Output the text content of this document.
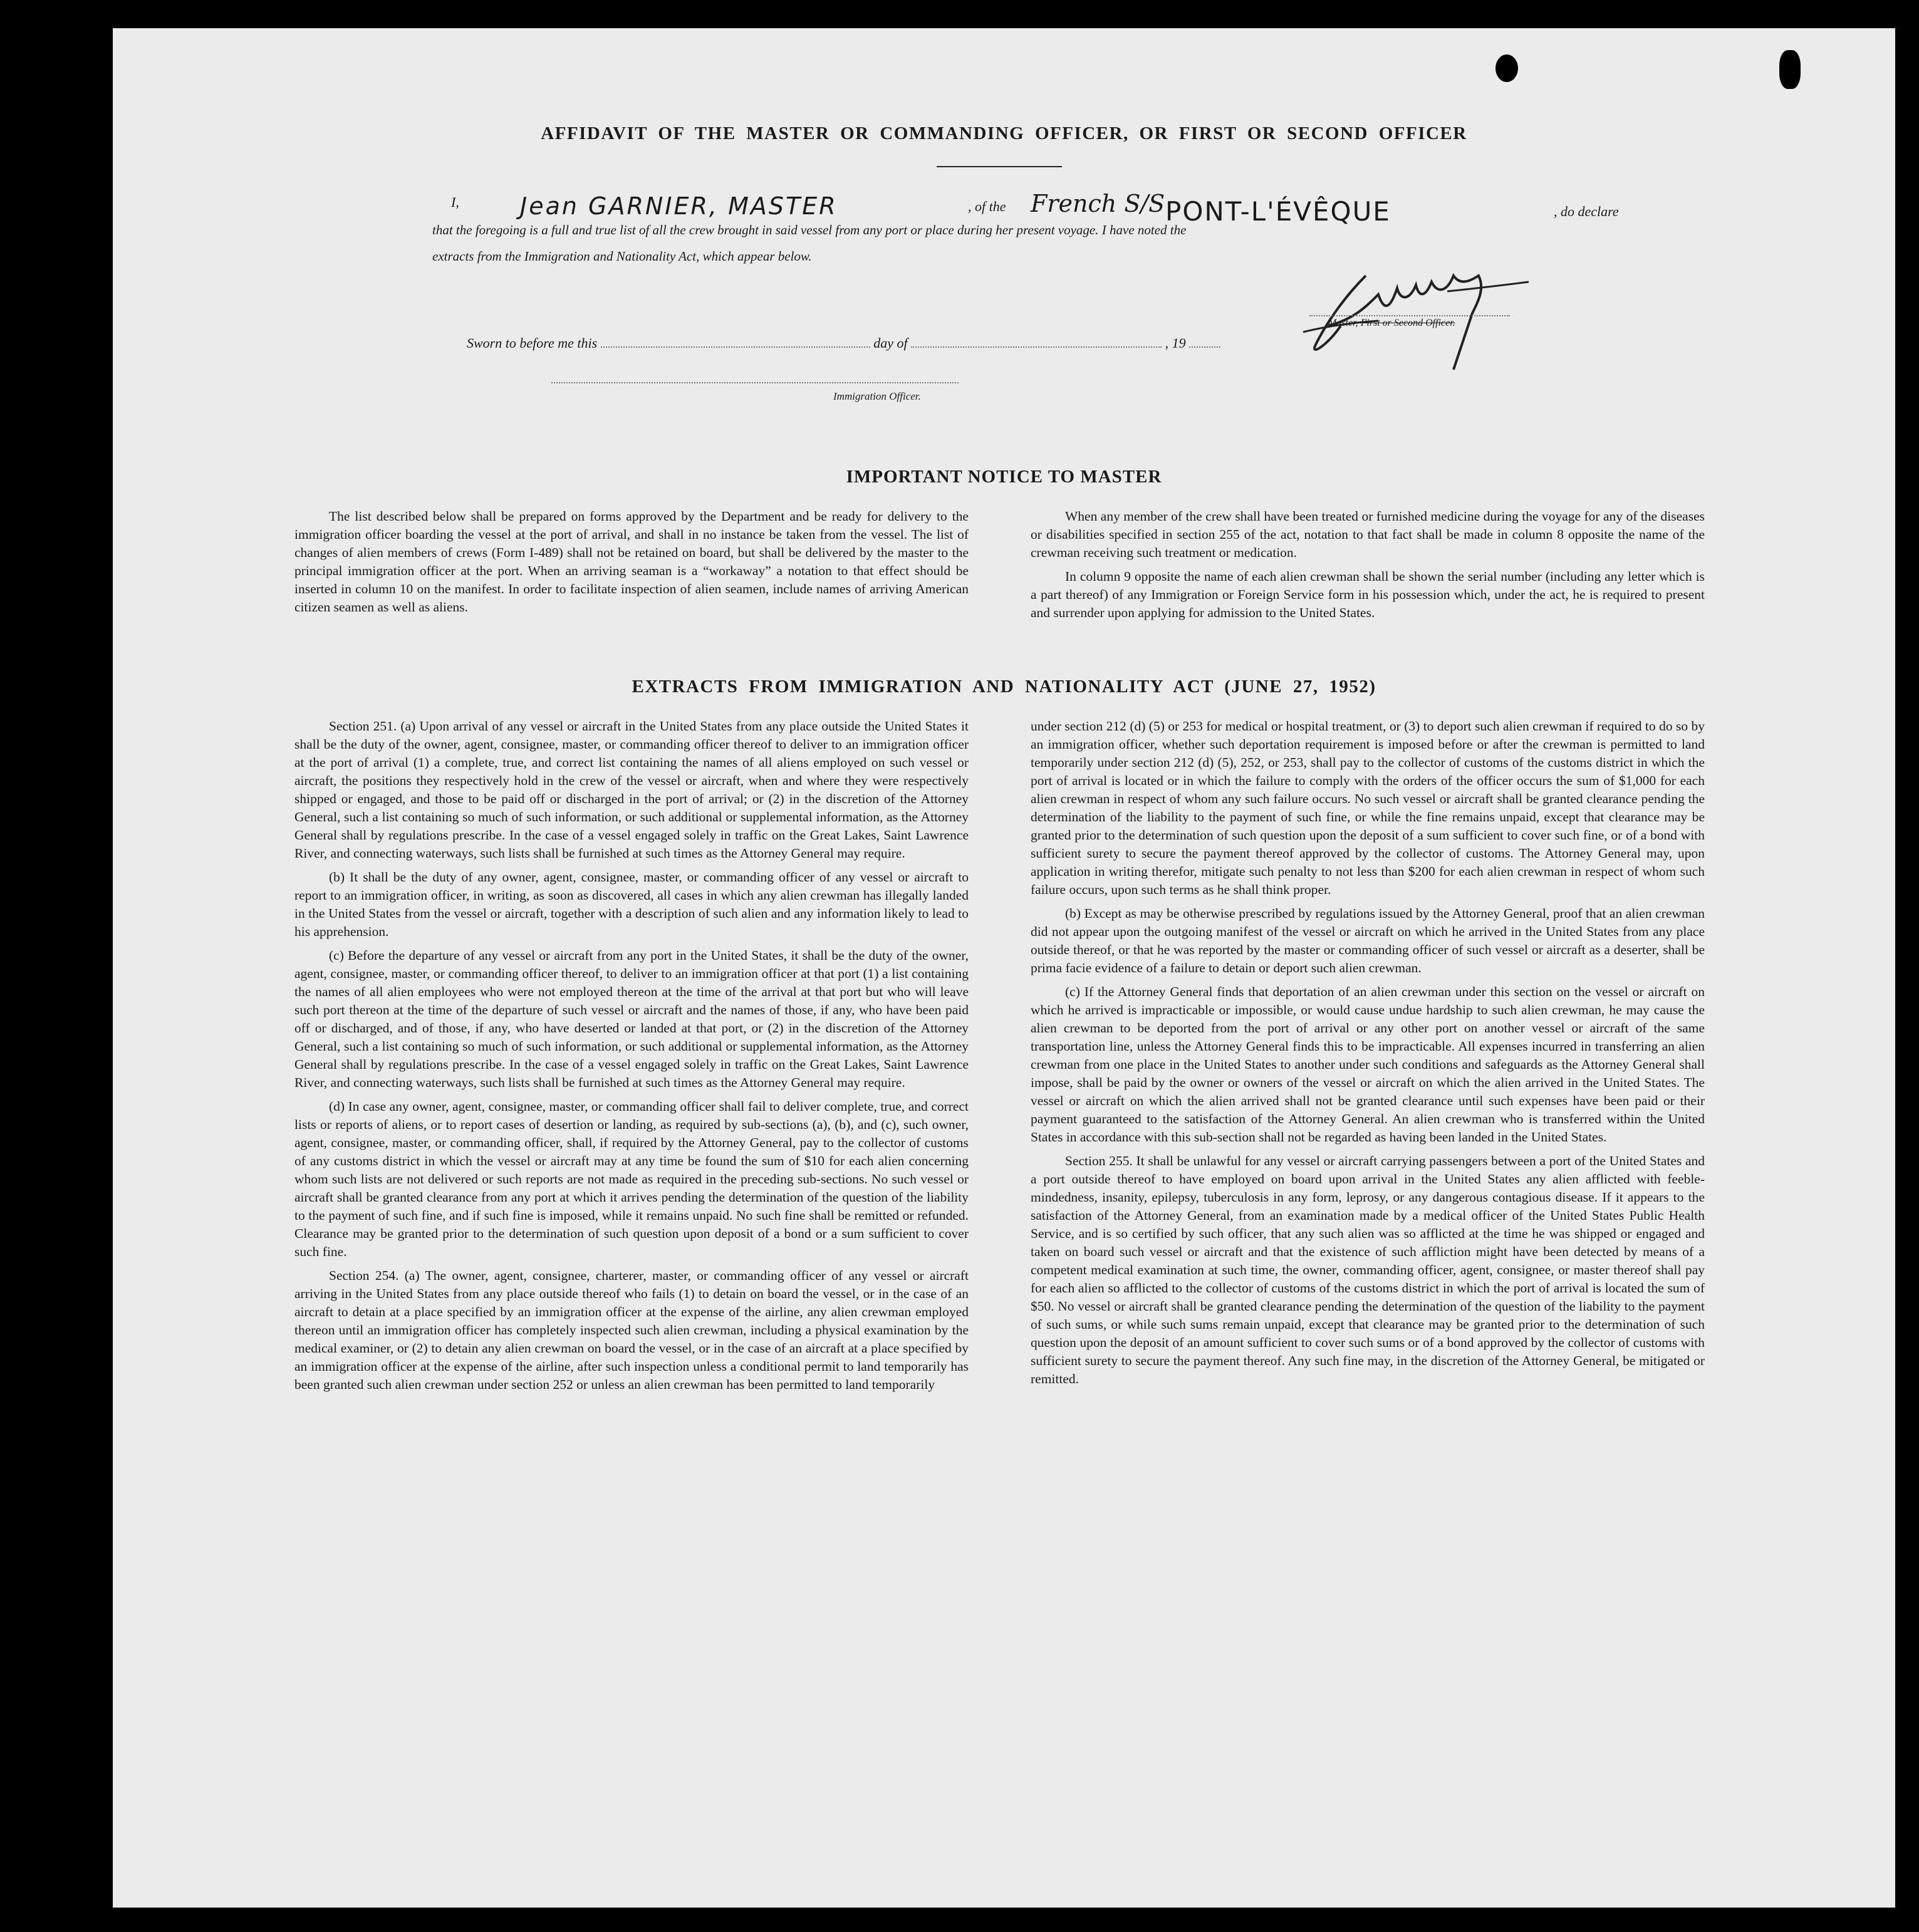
AFFIDAVIT OF THE MASTER OR COMMANDING OFFICER, OR FIRST OR SECOND OFFICER
I,	Jean GARNIER, MASTER	, of the French S/S PONT-L'ÉVÊQUE	, do declare
that the foregoing is a full and true list of all the crew brought in said vessel from any port or place during her present voyage. I have noted the
extracts from the Immigration and Nationality Act, which appear below.
Master, First or Second Officer.
Sworn to before me this	day of	, 19
Immigration Officer.
IMPORTANT NOTICE TO MASTER

The list described below shall be prepared on forms approved by the Department and be ready for delivery to the immigration officer boarding the vessel at the port of arrival, and shall in no instance be taken from the vessel. The list of changes of alien members of crews (Form I-489) shall not be retained on board, but shall be delivered by the master to the principal immigration officer at the port. When an arriving seaman is a “workaway” a notation to that effect should be inserted in column 10 on the manifest. In order to facilitate inspection of alien seamen, include names of arriving American citizen seamen as well as aliens.

When any member of the crew shall have been treated or furnished medicine during the voyage for any of the diseases or disabilities specified in section 255 of the act, notation to that fact shall be made in column 8 opposite the name of the crewman receiving such treatment or medication.

In column 9 opposite the name of each alien crewman shall be shown the serial number (including any letter which is a part thereof) of any Immigration or Foreign Service form in his possession which, under the act, he is required to present and surrender upon applying for admission to the United States.

EXTRACTS FROM IMMIGRATION AND NATIONALITY ACT (JUNE 27, 1952)

Section 251. (a) Upon arrival of any vessel or aircraft in the United States from any place outside the United States it shall be the duty of the owner, agent, consignee, master, or commanding officer thereof to deliver to an immigration officer at the port of arrival (1) a complete, true, and correct list containing the names of all aliens employed on such vessel or aircraft, the positions they respectively hold in the crew of the vessel or aircraft, when and where they were respectively shipped or engaged, and those to be paid off or discharged in the port of arrival; or (2) in the discretion of the Attorney General, such a list containing so much of such information, or such additional or supplemental information, as the Attorney General shall by regulations prescribe. In the case of a vessel engaged solely in traffic on the Great Lakes, Saint Lawrence River, and connecting waterways, such lists shall be furnished at such times as the Attorney General may require.

(b) It shall be the duty of any owner, agent, consignee, master, or commanding officer of any vessel or aircraft to report to an immigration officer, in writing, as soon as discovered, all cases in which any alien crewman has illegally landed in the United States from the vessel or aircraft, together with a description of such alien and any information likely to lead to his apprehension.

(c) Before the departure of any vessel or aircraft from any port in the United States, it shall be the duty of the owner, agent, consignee, master, or commanding officer thereof, to deliver to an immigration officer at that port (1) a list containing the names of all alien employees who were not employed thereon at the time of the arrival at that port but who will leave such port thereon at the time of the departure of such vessel or aircraft and the names of those, if any, who have been paid off or discharged, and of those, if any, who have deserted or landed at that port, or (2) in the discretion of the Attorney General, such a list containing so much of such information, or such additional or supplemental information, as the Attorney General shall by regulations prescribe. In the case of a vessel engaged solely in traffic on the Great Lakes, Saint Lawrence River, and connecting waterways, such lists shall be furnished at such times as the Attorney General may require.

(d) In case any owner, agent, consignee, master, or commanding officer shall fail to deliver complete, true, and correct lists or reports of aliens, or to report cases of desertion or landing, as required by sub-sections (a), (b), and (c), such owner, agent, consignee, master, or commanding officer, shall, if required by the Attorney General, pay to the collector of customs of any customs district in which the vessel or aircraft may at any time be found the sum of $10 for each alien concerning whom such lists are not delivered or such reports are not made as required in the preceding sub-sections. No such vessel or aircraft shall be granted clearance from any port at which it arrives pending the determination of the question of the liability to the payment of such fine, and if such fine is imposed, while it remains unpaid. No such fine shall be remitted or refunded. Clearance may be granted prior to the determination of such question upon deposit of a bond or a sum sufficient to cover such fine.

Section 254. (a) The owner, agent, consignee, charterer, master, or commanding officer of any vessel or aircraft arriving in the United States from any place outside thereof who fails (1) to detain on board the vessel, or in the case of an aircraft to detain at a place specified by an immigration officer at the expense of the airline, any alien crewman employed thereon until an immigration officer has completely inspected such alien crewman, including a physical examination by the medical examiner, or (2) to detain any alien crewman on board the vessel, or in the case of an aircraft at a place specified by an immigration officer at the expense of the airline, after such inspection unless a conditional permit to land temporarily has been granted such alien crewman under section 252 or unless an alien crewman has been permitted to land temporarily

under section 212 (d) (5) or 253 for medical or hospital treatment, or (3) to deport such alien crewman if required to do so by an immigration officer, whether such deportation requirement is imposed before or after the crewman is permitted to land temporarily under section 212 (d) (5), 252, or 253, shall pay to the collector of customs of the customs district in which the port of arrival is located or in which the failure to comply with the orders of the officer occurs the sum of $1,000 for each alien crewman in respect of whom any such failure occurs. No such vessel or aircraft shall be granted clearance pending the determination of the liability to the payment of such fine, or while the fine remains unpaid, except that clearance may be granted prior to the determination of such question upon the deposit of a sum sufficient to cover such fine, or of a bond with sufficient surety to secure the payment thereof approved by the collector of customs. The Attorney General may, upon application in writing therefor, mitigate such penalty to not less than $200 for each alien crewman in respect of whom such failure occurs, upon such terms as he shall think proper.

(b) Except as may be otherwise prescribed by regulations issued by the Attorney General, proof that an alien crewman did not appear upon the outgoing manifest of the vessel or aircraft on which he arrived in the United States from any place outside thereof, or that he was reported by the master or commanding officer of such vessel or aircraft as a deserter, shall be prima facie evidence of a failure to detain or deport such alien crewman.

(c) If the Attorney General finds that deportation of an alien crewman under this section on the vessel or aircraft on which he arrived is impracticable or impossible, or would cause undue hardship to such alien crewman, he may cause the alien crewman to be deported from the port of arrival or any other port on another vessel or aircraft of the same transportation line, unless the Attorney General finds this to be impracticable. All expenses incurred in transferring an alien crewman from one place in the United States to another under such conditions and safeguards as the Attorney General shall impose, shall be paid by the owner or owners of the vessel or aircraft on which the alien arrived in the United States. The vessel or aircraft on which the alien arrived shall not be granted clearance until such expenses have been paid or their payment guaranteed to the satisfaction of the Attorney General. An alien crewman who is transferred within the United States in accordance with this sub-section shall not be regarded as having been landed in the United States.

Section 255. It shall be unlawful for any vessel or aircraft carrying passengers between a port of the United States and a port outside thereof to have employed on board upon arrival in the United States any alien afflicted with feeble-mindedness, insanity, epilepsy, tuberculosis in any form, leprosy, or any dangerous contagious disease. If it appears to the satisfaction of the Attorney General, from an examination made by a medical officer of the United States Public Health Service, and is so certified by such officer, that any such alien was so afflicted at the time he was shipped or engaged and taken on board such vessel or aircraft and that the existence of such affliction might have been detected by means of a competent medical examination at such time, the owner, commanding officer, agent, consignee, or master thereof shall pay for each alien so afflicted to the collector of customs of the customs district in which the port of arrival is located the sum of $50. No vessel or aircraft shall be granted clearance pending the determination of the question of the liability to the payment of such sums, or while such sums remain unpaid, except that clearance may be granted prior to the determination of such question upon the deposit of an amount sufficient to cover such sums or of a bond approved by the collector of customs with sufficient surety to secure the payment thereof. Any such fine may, in the discretion of the Attorney General, be mitigated or remitted.
